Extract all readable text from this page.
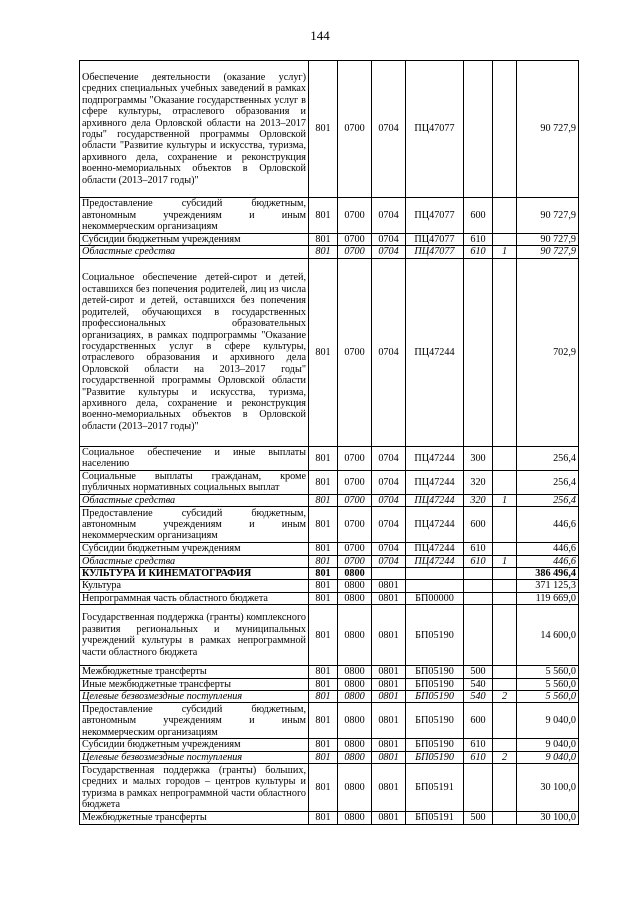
144
Обеспечение деятельности (оказание услуг) средних специальных учебных заведений в рамках подпрограммы "Оказание государственных услуг в сфере культуры, отраслевого образования и архивного дела Орловской области на 2013–2017 годы" государственной программы Орловской области "Развитие культуры и искусства, туризма, архивного дела, сохранение и реконструкция военно-мемориальных объектов в Орловской области (2013–2017 годы)"	801	0700	0704	ПЦ47077			90 727,9
Предоставление субсидий бюджетным, автономным учреждениям и иным некоммерческим организациям	801	0700	0704	ПЦ47077	600		90 727,9
Субсидии бюджетным учреждениям	801	0700	0704	ПЦ47077	610		90 727,9
Областные средства	801	0700	0704	ПЦ47077	610	1	90 727,9
Социальное обеспечение детей-сирот и детей, оставшихся без попечения родителей, лиц из числа детей-сирот и детей, оставшихся без попечения родителей, обучающихся в государственных профессиональных образовательных организациях, в рамках подпрограммы "Оказание государственных услуг в сфере культуры, отраслевого образования и архивного дела Орловской области на 2013–2017 годы" государственной программы Орловской области "Развитие культуры и искусства, туризма, архивного дела, сохранение и реконструкция военно-мемориальных объектов в Орловской области (2013–2017 годы)"	801	0700	0704	ПЦ47244			702,9
Социальное обеспечение и иные выплаты населению	801	0700	0704	ПЦ47244	300		256,4
Социальные выплаты гражданам, кроме публичных нормативных социальных выплат	801	0700	0704	ПЦ47244	320		256,4
Областные средства	801	0700	0704	ПЦ47244	320	1	256,4
Предоставление субсидий бюджетным, автономным учреждениям и иным некоммерческим организациям	801	0700	0704	ПЦ47244	600		446,6
Субсидии бюджетным учреждениям	801	0700	0704	ПЦ47244	610		446,6
Областные средства	801	0700	0704	ПЦ47244	610	1	446,6
КУЛЬТУРА И КИНЕМАТОГРАФИЯ	801	0800					386 496,4
Культура	801	0800	0801				371 125,3
Непрограммная часть областного бюджета	801	0800	0801	БП00000			119 669,0
Государственная поддержка (гранты) комплексного развития региональных и муниципальных учреждений культуры в рамках непрограммной части областного бюджета	801	0800	0801	БП05190			14 600,0
Межбюджетные трансферты	801	0800	0801	БП05190	500		5 560,0
Иные межбюджетные трансферты	801	0800	0801	БП05190	540		5 560,0
Целевые безвозмездные поступления	801	0800	0801	БП05190	540	2	5 560,0
Предоставление субсидий бюджетным, автономным учреждениям и иным некоммерческим организациям	801	0800	0801	БП05190	600		9 040,0
Субсидии бюджетным учреждениям	801	0800	0801	БП05190	610		9 040,0
Целевые безвозмездные поступления	801	0800	0801	БП05190	610	2	9 040,0
Государственная поддержка (гранты) больших, средних и малых городов – центров культуры и туризма в рамках непрограммной части областного бюджета	801	0800	0801	БП05191			30 100,0
Межбюджетные трансферты	801	0800	0801	БП05191	500		30 100,0
